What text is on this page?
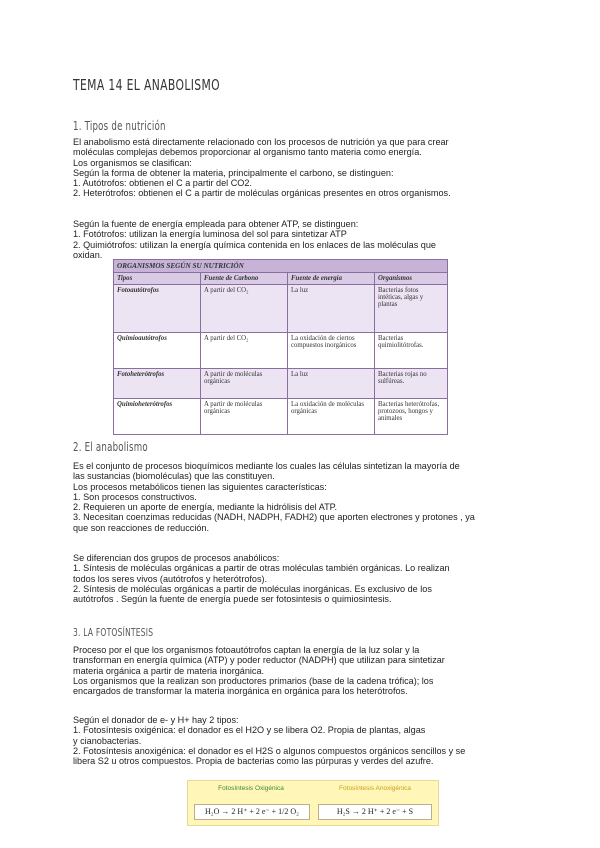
TEMA 14 EL ANABOLISMO
1. Tipos de nutrición
El anabolismo está directamente relacionado con los procesos de nutrición ya que para crear
moléculas complejas debemos proporcionar al organismo tanto materia como energía.
Los organismos se clasifican:
Según la forma de obtener la materia, principalmente el carbono, se distinguen:
1. Autótrofos: obtienen el C a partir del CO2.
2. Heterótrofos: obtienen el C a partir de moléculas orgánicas presentes en otros organismos.
Según la fuente de energía empleada para obtener ATP, se distinguen:
1. Fotótrofos: utilizan la energía luminosa del sol para sintetizar ATP
2. Quimiótrofos: utilizan la energía química contenida en los enlaces de las moléculas que
oxidan.
ORGANISMOS SEGÚN SU NUTRICIÓN			
Tipos	Fuente de Carbono	Fuente de energía	Organismos
Fotoautótrofos	A partir del CO₂	La luz	Bacterias fotos intéticas, algas y plantas
Quimioautótrofos	A partir del CO₂	La oxidación de ciertos compuestos inorgánicos	Bacterias quimiolitótrofas.
Fotoheterótrofos	A partir de moléculas orgánicas	La luz	Bacterias rojas no sulfúreas.
Quimioheterótrofos	A partir de moléculas orgánicas	La oxidación de moléculas orgánicas	Bacterias heterótrofas, protozoos, hongos y animales
2. El anabolismo
Es el conjunto de procesos bioquímicos mediante los cuales las células sintetizan la mayoría de
las sustancias (biomoléculas) que las constituyen.
Los procesos metabólicos tienen las siguientes características:
1. Son procesos constructivos.
2. Requieren un aporte de energía, mediante la hidrólisis del ATP.
3. Necesitan coenzimas reducidas (NADH, NADPH, FADH2) que aporten electrones y protones , ya
que son reacciones de reducción.
Se diferencian dos grupos de procesos anabólicos:
1. Síntesis de moléculas orgánicas a partir de otras moléculas también orgánicas. Lo realizan
todos los seres vivos (autótrofos y heterótrofos).
2. Síntesis de moléculas orgánicas a partir de moléculas inorgánicas. Es exclusivo de los
autótrofos . Según la fuente de energía puede ser fotosintesis o quimiosintesis.
3. LA FOTOSÍNTESIS
Proceso por el que los organismos fotoautótrofos captan la energía de la luz solar y la
transforman en energía química (ATP) y poder reductor (NADPH) que utilizan para sintetizar
materia orgánica a partir de materia inorgánica.
Los organismos que la realizan son productores primarios (base de la cadena trófica); los
encargados de transformar la materia inorgánica en orgánica para los heterótrofos.
Según el donador de e- y H+ hay 2 tipos:
1. Fotosíntesis oxigénica: el donador es el H2O y se libera O2. Propia de plantas, algas
y cianobacterias.
2. Fotosíntesis anoxigénica: el donador es el H2S o algunos compuestos orgánicos sencillos y se
libera S2 u otros compuestos. Propia de bacterias como las púrpuras y verdes del azufre.
Fotosíntesis Oxigénica	Fotosíntesis Anoxigénica
H₂O → 2 H⁺ + 2 e⁻ + 1/2 O₂	H₂S → 2 H⁺ + 2 e⁻ + S
